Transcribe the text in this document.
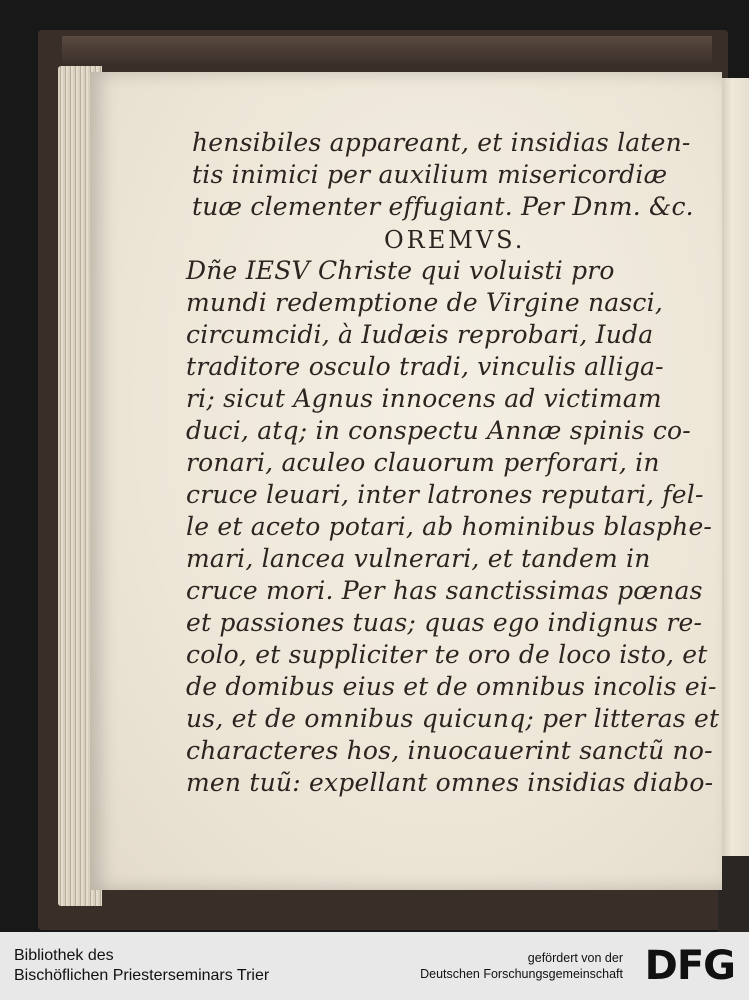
hensibiles appareant, et insidias laten-
tis inimici per auxilium misericordiæ
tuæ clementer effugiant. Per Dnm. &c.
OREMVS.
Dñe IESV Christe qui voluisti pro
mundi redemptione de Virgine nasci,
circumcidi, à Iudæis reprobari, Iuda
traditore osculo tradi, vinculis alliga-
ri; sicut Agnus innocens ad victimam
duci, atq; in conspectu Annæ spinis co-
ronari, aculeo clauorum perforari, in
cruce leuari, inter latrones reputari, fel-
le et aceto potari, ab hominibus blasphe-
mari, lancea vulnerari, et tandem in
cruce mori. Per has sanctissimas pœnas
et passiones tuas; quas ego indignus re-
colo, et suppliciter te oro de loco isto, et
de domibus eius et de omnibus incolis ei-
us, et de omnibus quicunq; per litteras et
characteres hos, inuocauerint sanctũ no-
men tuũ: expellant omnes insidias diabo-
Bibliothek des
Bischöflichen Priesterseminars Trier
gefördert von der
Deutschen Forschungsgemeinschaft DFG
